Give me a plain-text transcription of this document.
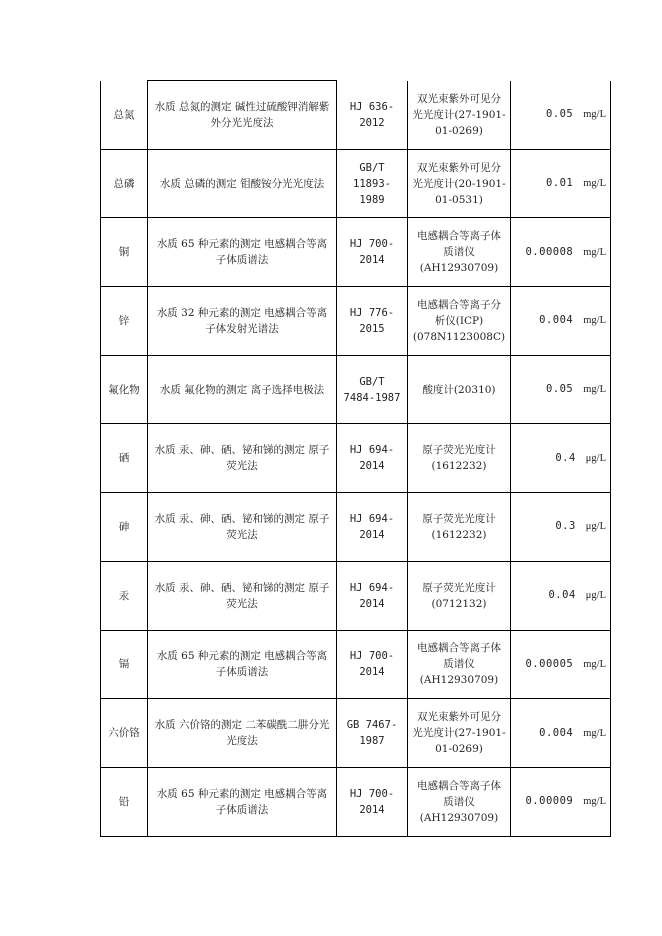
总氮	水质 总氮的测定 碱性过硫酸钾消解紫外分光光度法	HJ 636-2012	双光束紫外可见分光光度计(27-1901-01-0269)	0.05 mg/L
总磷	水质 总磷的测定 钼酸铵分光光度法	GB/T 11893-1989	双光束紫外可见分光光度计(20-1901-01-0531)	0.01 mg/L
铜	水质 65 种元素的测定 电感耦合等离子体质谱法	HJ 700-2014	电感耦合等离子体质谱仪(AH12930709)	0.00008 mg/L
锌	水质 32 种元素的测定 电感耦合等离子体发射光谱法	HJ 776-2015	电感耦合等离子分析仪(ICP)(078N1123008C)	0.004 mg/L
氟化物	水质 氟化物的测定 离子选择电极法	GB/T 7484-1987	酸度计(20310)	0.05 mg/L
硒	水质 汞、砷、硒、铋和锑的测定 原子荧光法	HJ 694-2014	原子荧光光度计(1612232)	0.4 μg/L
砷	水质 汞、砷、硒、铋和锑的测定 原子荧光法	HJ 694-2014	原子荧光光度计(1612232)	0.3 μg/L
汞	水质 汞、砷、硒、铋和锑的测定 原子荧光法	HJ 694-2014	原子荧光光度计(0712132)	0.04 μg/L
镉	水质 65 种元素的测定 电感耦合等离子体质谱法	HJ 700-2014	电感耦合等离子体质谱仪(AH12930709)	0.00005 mg/L
六价铬	水质 六价铬的测定 二苯碳酰二肼分光光度法	GB 7467-1987	双光束紫外可见分光光度计(27-1901-01-0269)	0.004 mg/L
铅	水质 65 种元素的测定 电感耦合等离子体质谱法	HJ 700-2014	电感耦合等离子体质谱仪(AH12930709)	0.00009 mg/L
